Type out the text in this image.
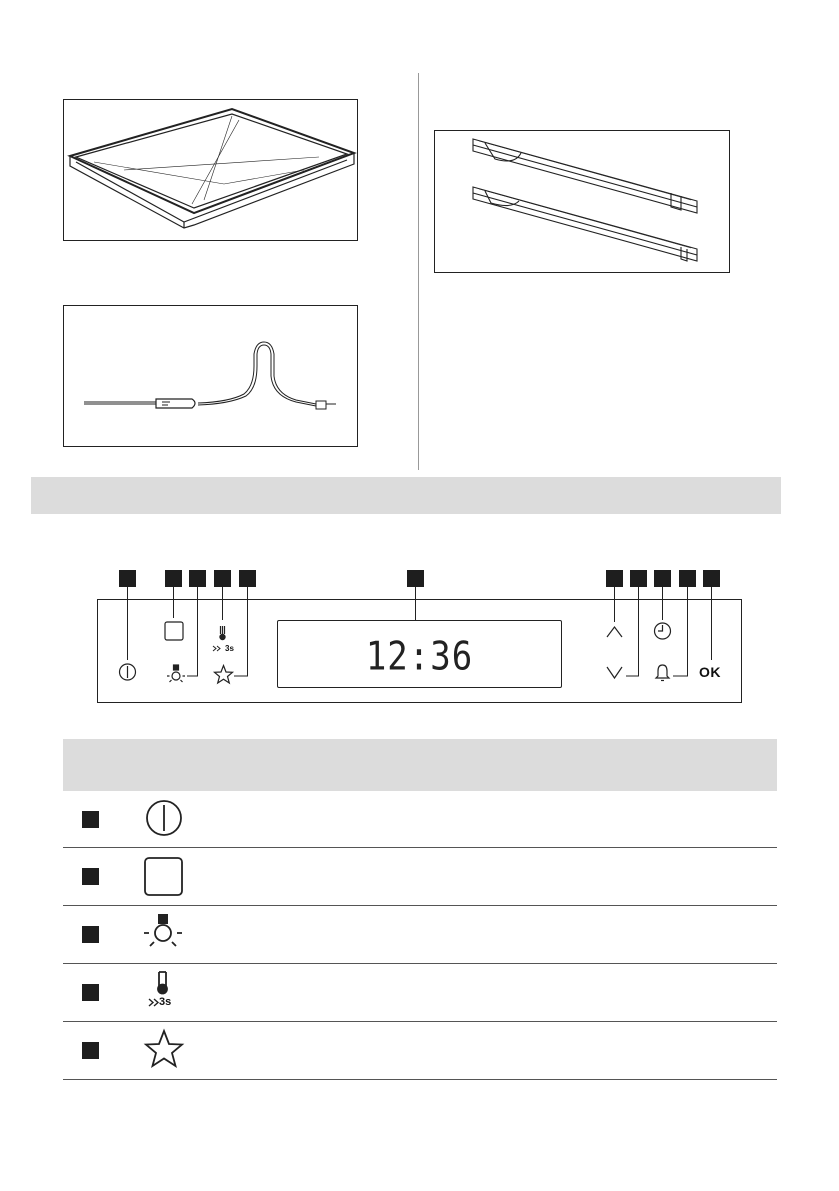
3s	12:36	OK
3s
